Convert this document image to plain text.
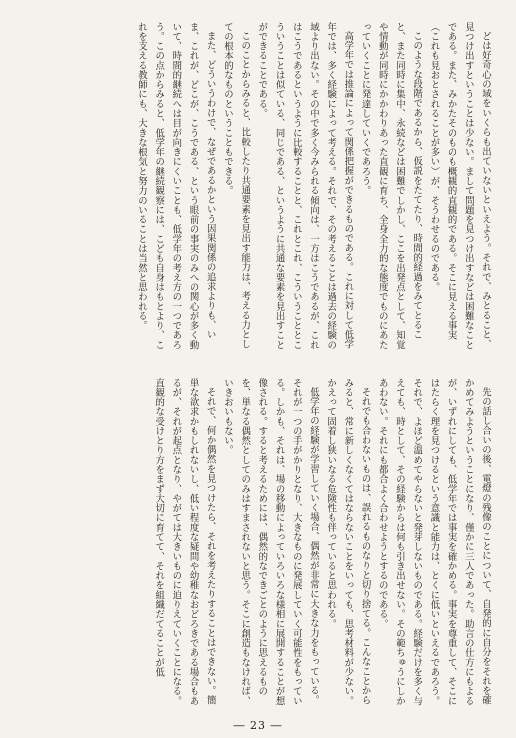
どは好奇心の域をいくらも出ていないといえよう。それで、みとること、見つけ出すということは少ない。まして問題を見つけ出すなどは困難なことである。また、みかたそのものも概観的直観的である。そこに見える事実（これも見おとされることが多い）が、そうわせるのである。

このような段階であるから、仮説をたてたり、時間的経過をみてとること、また同時に集中、永続などは困難でしかし、ここを出発点として、知覚や情動が同時にかかわりあった直観に育ち、全身全力的な態度でものにあたっていくことに発達していくであろう。

高学年では推論によって関係把握ができるものである。これに対して低学年では、多く経験によって考える。それで、その考えることは過去の経験の域より出ない。その中で多く今みられる傾向は、一方はこうであるが、これはこうであるというように比較することと、これとこれ、こういうこととこういうことは似ている、同じである、というように共通な要素を見出すことができることである。

このことからみると、比較したり共通要素を見出す能力は、考える力としての根本的なものということもできる。

また、どういうわけで、なぜであるかという因果関係の追求よりも、いま、これが、どこが、こうである、という眼前の事実のみへの関心が多く動いて、時間的継続へは目が向きにくいことも、低学年の考え方の一つであろう。この点からみると、低学年の継続観察には、こども自身はもとより、これを支える教師にも、大きな根気と努力のいることは当然と思われる。

先の話し合いの後、電燈の残像のことについて、自発的に自分をそれを確かめてみようということになり、僅かに三人であった。助言の仕方にもよるが、いずれにしても、低学年では事実を確かめる。事実を尊重して、そこにはたらく理を見つけるという意識と能力は、とくに低いといえるであろう。それで、よほど溫めてやらないと発芽しないものである。経験だけを多く与えても、時として、その経験からは何も引き出せない。その範ちゅうにしかあわない。それにも都合よく合わせようとするのである。

それでも合わないものは、誤れるものなりと切り捨てる。こんなことからみると、常に新しくなくてはならないことをいっても、思考材料が少ない。かえって固着し狭いなる危険性も伴っていると思われる。

低学年の経験が学習していく場合、偶然が非常に大きな力をもっている。それが一つの手がかりとなり、大きなものに発展していく可能性をもっている。しかも、それは、場の移動によっていろいろな様相に展開することが想像される。すると考えるためには、偶然的なできごとのように思えるものを、単なる偶然としてのみはすまされないと思う。そこに創造もなければ、いきおいもない。

それで、何か偶然を見つけたら、それを考えたりすることはできない。簡単な欲求かもしれないし、低い程度な疑問や幼稚なおどろきである場合もあるが、それが起点となり、やがては大きいものに迫りえていくことになる。直観的な受けとり方をまず大切に育てて、それを組織だてることが低

― 23 ―
